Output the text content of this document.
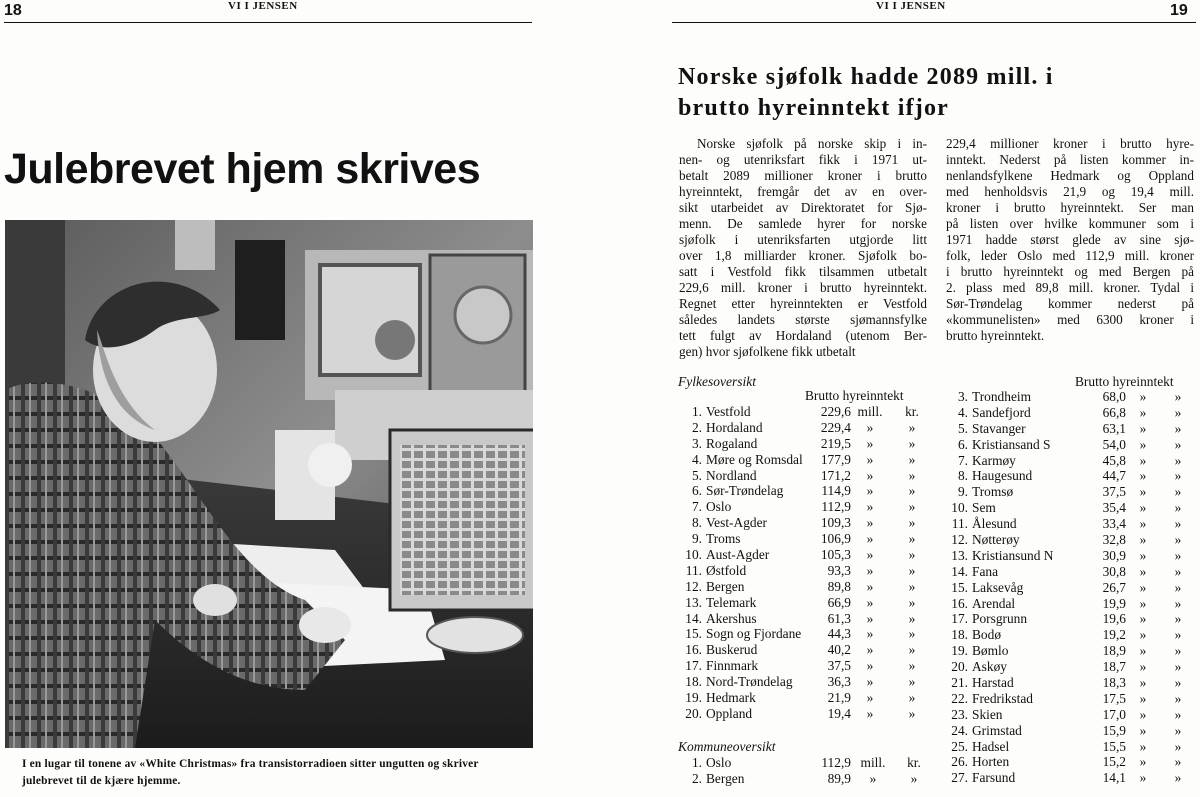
18	VI I JENSEN
Julebrevet hjem skrives
I en lugar til tonene av «White Christmas» fra transistorradioen sitter ungutten og skriver julebrevet til de kjære hjemme.
VI I JENSEN	19
Norske sjøfolk hadde 2089 mill. i
brutto hyreinntekt ifjor

Norske sjøfolk på norske skip i in-

nen- og utenriksfart fikk i 1971 ut-

betalt 2089 millioner kroner i brutto

hyreinntekt, fremgår det av en over-

sikt utarbeidet av Direktoratet for Sjø-

menn. De samlede hyrer for norske

sjøfolk i utenriksfarten utgjorde litt

over 1,8 milliarder kroner. Sjøfolk bo-

satt i Vestfold fikk tilsammen utbetalt

229,6 mill. kroner i brutto hyreinntekt.

Regnet etter hyreinntekten er Vestfold

således landets største sjømannsfylke

tett fulgt av Hordaland (utenom Ber-

gen) hvor sjøfolkene fikk utbetalt

229,4 millioner kroner i brutto hyre-

inntekt. Nederst på listen kommer in-

nenlandsfylkene Hedmark og Oppland

med henholdsvis 21,9 og 19,4 mill.

kroner i brutto hyreinntekt. Ser man

på listen over hvilke kommuner som i

1971 hadde størst glede av sine sjø-

folk, leder Oslo med 112,9 mill. kroner

i brutto hyreinntekt og med Bergen på

2. plass med 89,8 mill. kroner. Tydal i

Sør-Trøndelag kommer nederst på

«kommunelisten» med 6300 kroner i

brutto hyreinntekt.

Fylkesoversikt
Brutto hyreinntekt
1. Vestfold	229,6 mill.	kr.
2. Hordaland	229,4	»	»
3. Rogaland	219,5	»	»
4. Møre og Romsdal	177,9	»	»
5. Nordland	171,2	»	»
6. Sør-Trøndelag	114,9	»	»
7. Oslo	112,9	»	»
8. Vest-Agder	109,3	»	»
9. Troms	106,9	»	»
10. Aust-Agder	105,3	»	»
11. Østfold	93,3	»	»
12. Bergen	89,8	»	»
13. Telemark	66,9	»	»
14. Akershus	61,3	»	»
15. Sogn og Fjordane	44,3	»	»
16. Buskerud	40,2	»	»
17. Finnmark	37,5	»	»
18. Nord-Trøndelag	36,3	»	»
19. Hedmark	21,9	»	»
20. Oppland	19,4	»	»
Kommuneoversikt
1. Oslo	112,9 mill.	kr.
2. Bergen	89,9	»	»
Brutto hyreinntekt
3. Trondheim	68,0	»	»
4. Sandefjord	66,8	»	»
5. Stavanger	63,1	»	»
6. Kristiansand S	54,0	»	»
7. Karmøy	45,8	»	»
8. Haugesund	44,7	»	»
9. Tromsø	37,5	»	»
10. Sem	35,4	»	»
11. Ålesund	33,4	»	»
12. Nøtterøy	32,8	»	»
13. Kristiansund N	30,9	»	»
14. Fana	30,8	»	»
15. Laksevåg	26,7	»	»
16. Arendal	19,9	»	»
17. Porsgrunn	19,6	»	»
18. Bodø	19,2	»	»
19. Bømlo	18,9	»	»
20. Askøy	18,7	»	»
21. Harstad	18,3	»	»
22. Fredrikstad	17,5	»	»
23. Skien	17,0	»	»
24. Grimstad	15,9	»	»
25. Hadsel	15,5	»	»
26. Horten	15,2	»	»
27. Farsund	14,1	»	»
